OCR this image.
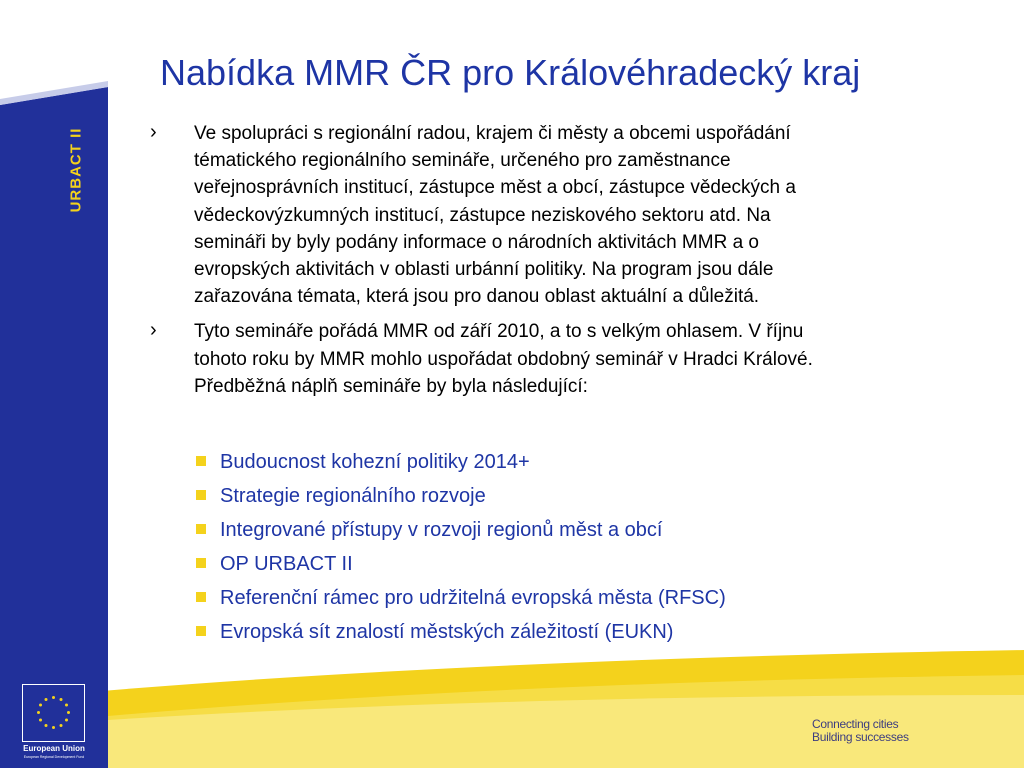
URBACT II
European Union
European Regional Development Fund
Nabídka MMR ČR pro Královéhradecký kraj
› Ve spolupráci s regionální radou, krajem či městy a obcemi uspořádání
tématického regionálního semináře, určeného pro zaměstnance
veřejnosprávních institucí, zástupce měst a obcí, zástupce vědeckých a
vědeckovýzkumných institucí, zástupce neziskového sektoru atd. Na
semináři by byly podány informace o národních aktivitách MMR a o
evropských aktivitách v oblasti urbánní politiky. Na program jsou dále
zařazována témata, která jsou pro danou oblast aktuální a důležitá.
› Tyto semináře pořádá MMR od září 2010, a to s velkým ohlasem. V říjnu
tohoto roku by MMR mohlo uspořádat obdobný seminář v Hradci Králové.
Předběžná náplň semináře by byla následující:
Budoucnost kohezní politiky 2014+
Strategie regionálního rozvoje
Integrované přístupy v rozvoji regionů měst a obcí
OP URBACT II
Referenční rámec pro udržitelná evropská města (RFSC)
Evropská sít znalostí městských záležitostí (EUKN)
Connecting cities
Building successes
